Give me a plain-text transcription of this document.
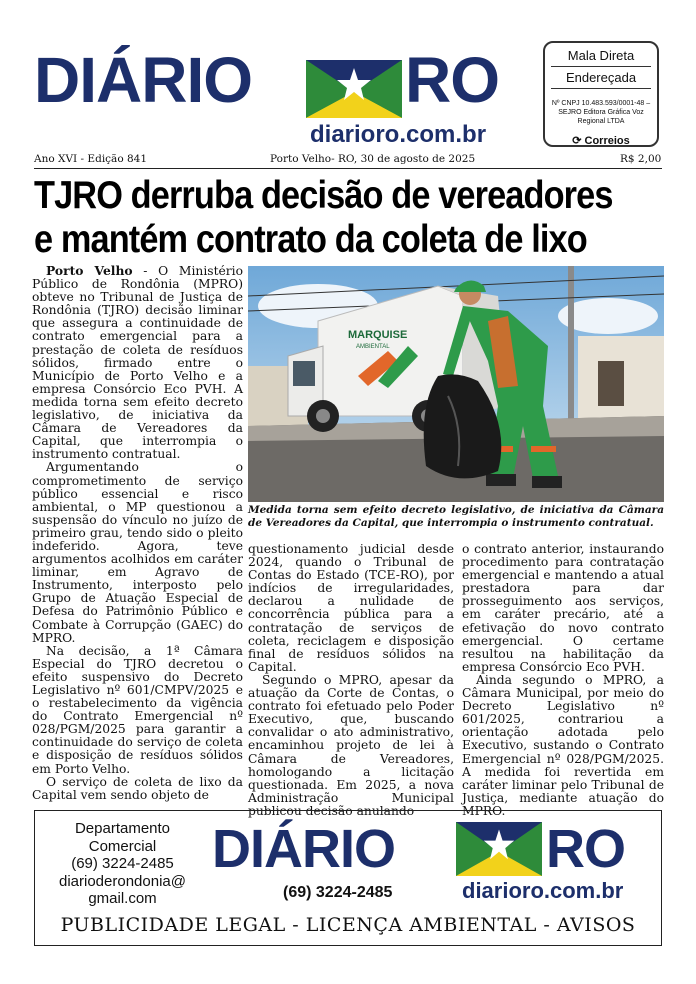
DIÁRIO RO
diarioro.com.br
Mala Direta
Endereçada
Nº CNPJ 10.483.593/0001-48 – SEJRO Editora Gráfica Voz Regional LTDA
⟳ Correios
Ano XVI - Edição 841	Porto Velho- RO, 30 de agosto de 2025	R$ 2,00
TJRO derruba decisão de vereadores
e mantém contrato da coleta de lixo

Porto Velho - O Ministério Público de Rondônia (MPRO) obteve no Tribunal de Justiça de Rondônia (TJRO) decisão liminar que assegura a continuidade de contrato emergencial para a prestação de coleta de resíduos sólidos, firmado entre o Município de Porto Velho e a empresa Consórcio Eco PVH. A medida torna sem efeito decreto legislativo, de iniciativa da Câmara de Vereadores da Capital, que interrompia o instrumento contratual.

Argumentando o comprometimento de serviço público essencial e risco ambiental, o MP questionou a suspensão do vínculo no juízo de primeiro grau, tendo sido o pleito indeferido. Agora, teve argumentos acolhidos em caráter liminar, em Agravo de Instrumento, interposto pelo Grupo de Atuação Especial de Defesa do Patrimônio Público e Combate à Corrupção (GAEC) do MPRO.

Na decisão, a 1ª Câmara Especial do TJRO decretou o efeito suspensivo do Decreto Legislativo nº 601/CMPV/2025 e o restabelecimento da vigência do Contrato Emergencial nº 028/PGM/2025 para garantir a continuidade do serviço de coleta e disposição de resíduos sólidos em Porto Velho.

O serviço de coleta de lixo da Capital vem sendo objeto de

MARQUISE
AMBIENTAL
Medida torna sem efeito decreto legislativo, de iniciativa da Câmara de Vereadores da Capital, que interrompia o instrumento contratual.

questionamento judicial desde 2024, quando o Tribunal de Contas do Estado (TCE-RO), por indícios de irregularidades, declarou a nulidade de concorrência pública para a contratação de serviços de coleta, reciclagem e disposição final de resíduos sólidos na Capital.

Segundo o MPRO, apesar da atuação da Corte de Contas, o contrato foi efetuado pelo Poder Executivo, que, buscando convalidar o ato administrativo, encaminhou projeto de lei à Câmara de Vereadores, homologando a licitação questionada. Em 2025, a nova Administração Municipal publicou decisão anulando

o contrato anterior, instaurando procedimento para contratação emergencial e mantendo a atual prestadora para dar prosseguimento aos serviços, em caráter precário, até a efetivação do novo contrato emergencial. O certame resultou na habilitação da empresa Consórcio Eco PVH.

Ainda segundo o MPRO, a Câmara Municipal, por meio do Decreto Legislativo nº 601/2025, contrariou a orientação adotada pelo Executivo, sustando o Contrato Emergencial nº 028/PGM/2025. A medida foi revertida em caráter liminar pelo Tribunal de Justiça, mediante atuação do MPRO.

Departamento
Comercial
(69) 3224-2485
diarioderondonia@
gmail.com
DIÁRIO	RO
(69) 3224-2485	diarioro.com.br
PUBLICIDADE LEGAL - LICENÇA AMBIENTAL - AVISOS
